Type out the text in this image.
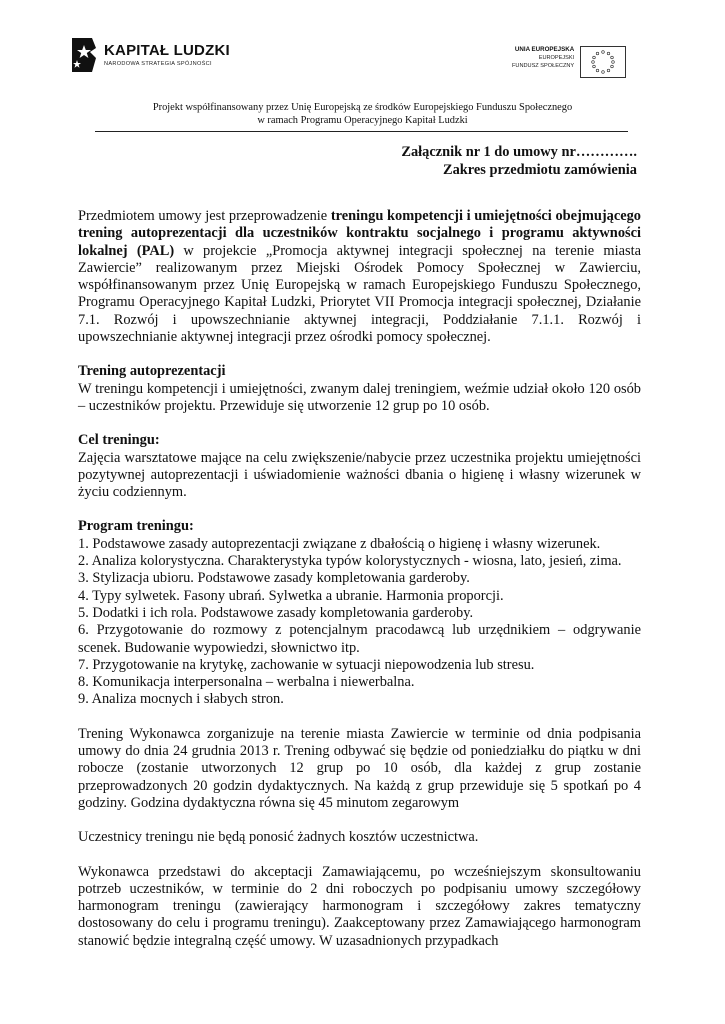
KAPITAŁ LUDZKI
NARODOWA STRATEGIA SPÓJNOŚCI
UNIA EUROPEJSKA
EUROPEJSKI
FUNDUSZ SPOŁECZNY
Projekt współfinansowany przez Unię Europejską ze środków Europejskiego Funduszu Społecznego
w ramach Programu Operacyjnego Kapitał Ludzki
Załącznik nr 1 do umowy nr………….
Zakres przedmiotu zamówienia

Przedmiotem umowy jest przeprowadzenie treningu kompetencji i umiejętności obejmującego trening autoprezentacji dla uczestników kontraktu socjalnego i programu aktywności lokalnej (PAL) w projekcie „Promocja aktywnej integracji społecznej na terenie miasta Zawiercie” realizowanym przez Miejski Ośrodek Pomocy Społecznej w Zawierciu, współfinansowanym przez Unię Europejską w ramach Europejskiego Funduszu Społecznego, Programu Operacyjnego Kapitał Ludzki, Priorytet VII Promocja integracji społecznej, Działanie 7.1. Rozwój i upowszechnianie aktywnej integracji, Poddziałanie 7.1.1. Rozwój i upowszechnianie aktywnej integracji przez ośrodki pomocy społecznej.

Trening autoprezentacji

W treningu kompetencji i umiejętności, zwanym dalej treningiem, weźmie udział około 120 osób – uczestników projektu. Przewiduje się utworzenie 12 grup po 10 osób.

Cel treningu:

Zajęcia warsztatowe mające na celu zwiększenie/nabycie przez uczestnika projektu umiejętności pozytywnej autoprezentacji i uświadomienie ważności dbania o higienę i własny wizerunek w życiu codziennym.

Program treningu:

1. Podstawowe zasady autoprezentacji związane z dbałością o higienę i własny wizerunek.

2. Analiza kolorystyczna. Charakterystyka typów kolorystycznych - wiosna, lato, jesień, zima.

3. Stylizacja ubioru. Podstawowe zasady kompletowania garderoby.

4. Typy sylwetek. Fasony ubrań. Sylwetka a ubranie. Harmonia proporcji.

5. Dodatki i ich rola. Podstawowe zasady kompletowania garderoby.

6. Przygotowanie do rozmowy z potencjalnym pracodawcą lub urzędnikiem – odgrywanie scenek. Budowanie wypowiedzi, słownictwo itp.

7. Przygotowanie na krytykę, zachowanie w sytuacji niepowodzenia lub stresu.

8. Komunikacja interpersonalna – werbalna i niewerbalna.

9. Analiza mocnych i słabych stron.

Trening Wykonawca zorganizuje na terenie miasta Zawiercie w terminie od dnia podpisania umowy do dnia 24 grudnia 2013 r. Trening odbywać się będzie od poniedziałku do piątku w dni robocze (zostanie utworzonych 12 grup po 10 osób, dla każdej z grup zostanie przeprowadzonych 20 godzin dydaktycznych. Na każdą z grup przewiduje się 5 spotkań po 4 godziny. Godzina dydaktyczna równa się 45 minutom zegarowym

Uczestnicy treningu nie będą ponosić żadnych kosztów uczestnictwa.

Wykonawca przedstawi do akceptacji Zamawiającemu, po wcześniejszym skonsultowaniu potrzeb uczestników, w terminie do 2 dni roboczych po podpisaniu umowy szczegółowy harmonogram treningu (zawierający harmonogram i szczegółowy zakres tematyczny dostosowany do celu i programu treningu). Zaakceptowany przez Zamawiającego harmonogram stanowić będzie integralną część umowy. W uzasadnionych przypadkach
